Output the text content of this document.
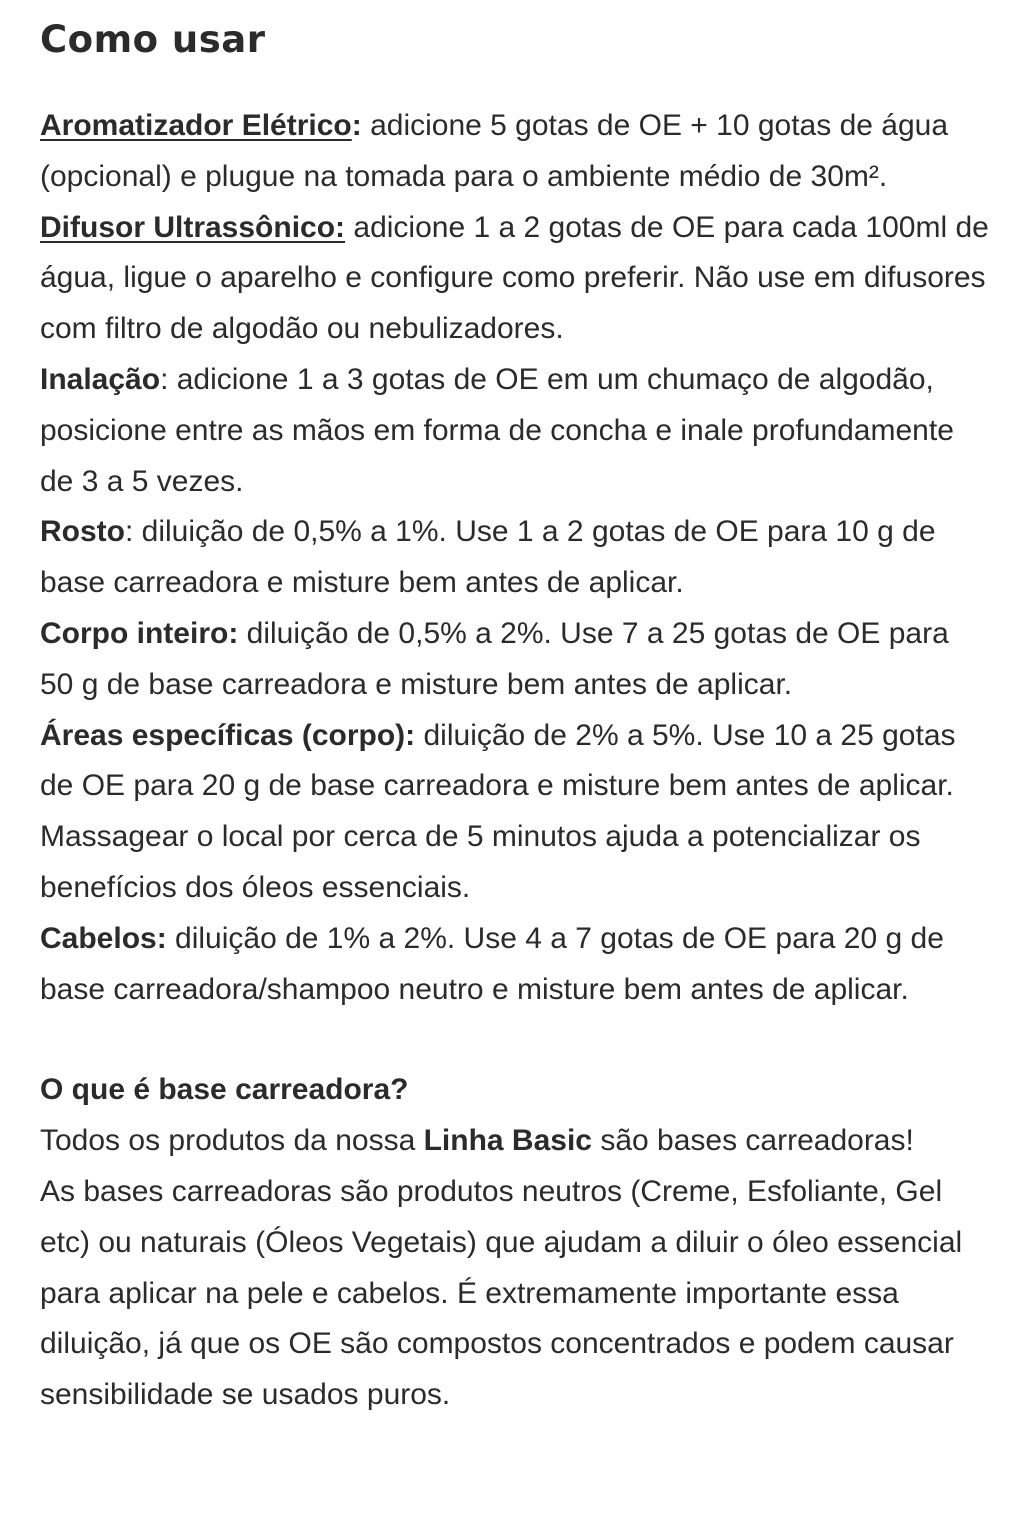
Como usar

Aromatizador Elétrico: adicione 5 gotas de OE + 10 gotas de água (opcional) e plugue na tomada para o ambiente médio de 30m².

Difusor Ultrassônico: adicione 1 a 2 gotas de OE para cada 100ml de água, ligue o aparelho e configure como preferir. Não use em difusores com filtro de algodão ou nebulizadores.

Inalação: adicione 1 a 3 gotas de OE em um chumaço de algodão, posicione entre as mãos em forma de concha e inale profundamente de 3 a 5 vezes.

Rosto: diluição de 0,5% a 1%. Use 1 a 2 gotas de OE para 10 g de base carreadora e misture bem antes de aplicar.

Corpo inteiro: diluição de 0,5% a 2%. Use 7 a 25 gotas de OE para 50 g de base carreadora e misture bem antes de aplicar.

Áreas específicas (corpo): diluição de 2% a 5%. Use 10 a 25 gotas de OE para 20 g de base carreadora e misture bem antes de aplicar. Massagear o local por cerca de 5 minutos ajuda a potencializar os benefícios dos óleos essenciais.

Cabelos: diluição de 1% a 2%. Use 4 a 7 gotas de OE para 20 g de base carreadora/shampoo neutro e misture bem antes de aplicar.

O que é base carreadora?

Todos os produtos da nossa Linha Basic são bases carreadoras!

As bases carreadoras são produtos neutros (Creme, Esfoliante, Gel etc) ou naturais (Óleos Vegetais) que ajudam a diluir o óleo essencial para aplicar na pele e cabelos. É extremamente importante essa diluição, já que os OE são compostos concentrados e podem causar sensibilidade se usados puros.
